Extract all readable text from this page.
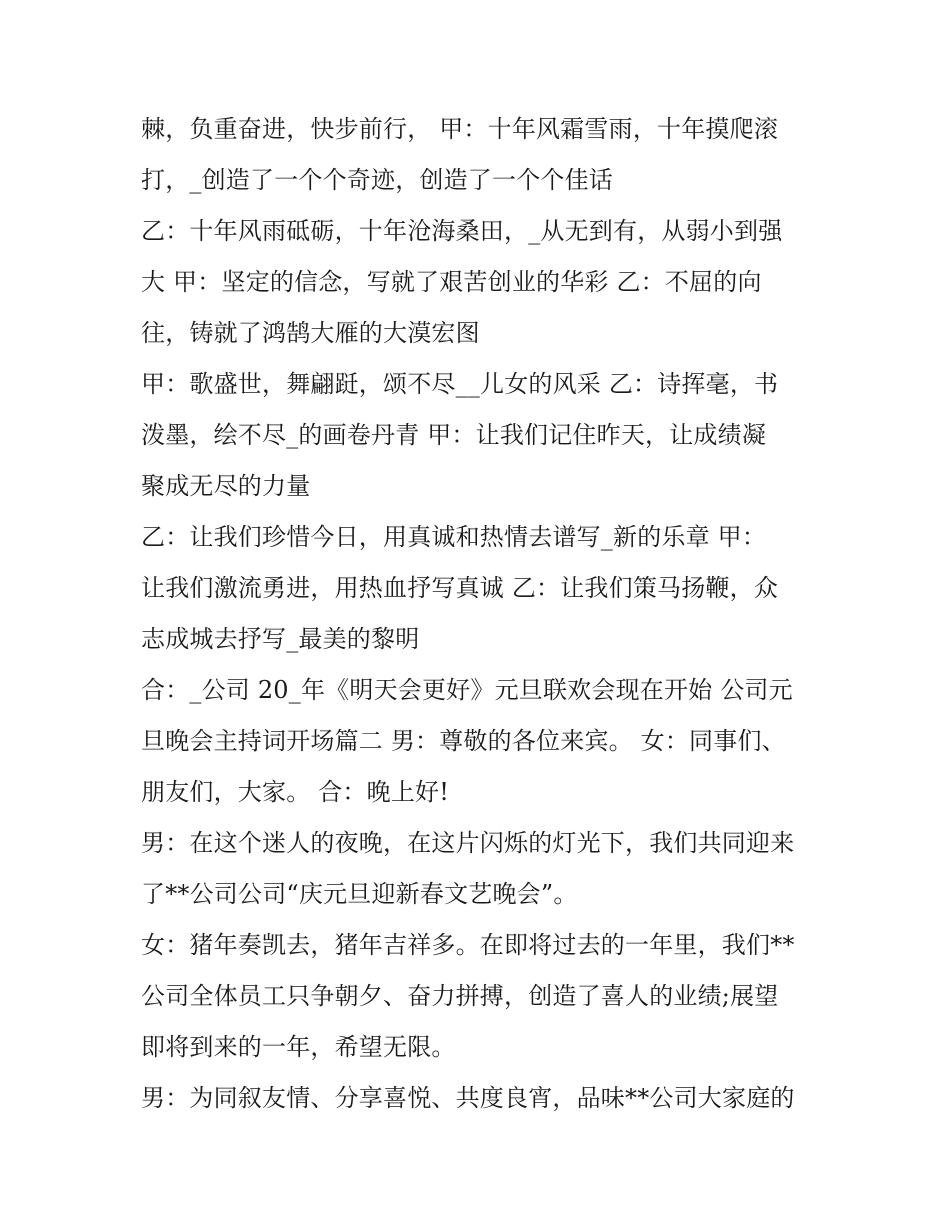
棘，负重奋进，快步前行， 甲：十年风霜雪雨，十年摸爬滚
打，_创造了一个个奇迹，创造了一个个佳话
乙：十年风雨砥砺，十年沧海桑田，_从无到有，从弱小到强
大 甲：坚定的信念，写就了艰苦创业的华彩 乙：不屈的向
往，铸就了鸿鹄大雁的大漠宏图
甲：歌盛世，舞翩跹，颂不尽__儿女的风采 乙：诗挥毫，书
泼墨，绘不尽_的画卷丹青 甲：让我们记住昨天，让成绩凝
聚成无尽的力量
乙：让我们珍惜今日，用真诚和热情去谱写_新的乐章 甲：
让我们激流勇进，用热血抒写真诚 乙：让我们策马扬鞭，众
志成城去抒写_最美的黎明
合：_公司 20_年《明天会更好》元旦联欢会现在开始 公司元
旦晚会主持词开场篇二 男：尊敬的各位来宾。 女：同事们、
朋友们，大家。 合：晚上好!
男：在这个迷人的夜晚，在这片闪烁的灯光下，我们共同迎来
了**公司公司“庆元旦迎新春文艺晚会”。
女：猪年奏凯去，猪年吉祥多。在即将过去的一年里，我们**
公司全体员工只争朝夕、奋力拼搏，创造了喜人的业绩;展望
即将到来的一年，希望无限。
男：为同叙友情、分享喜悦、共度良宵，品味**公司大家庭的
